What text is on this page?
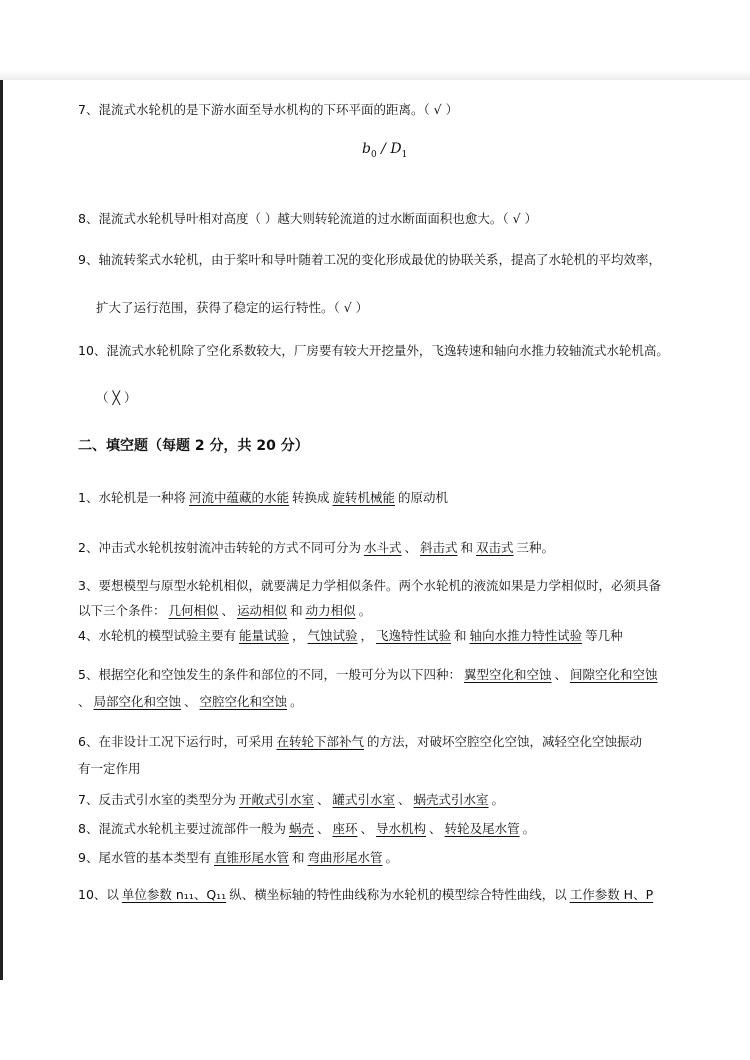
7、混流式水轮机的是下游水面至导水机构的下环平面的距离。（ √ ）
$b_0 / D_1$
8、混流式水轮机导叶相对高度（ ）越大则转轮流道的过水断面面积也愈大。（ √ ）
9、轴流转桨式水轮机，由于桨叶和导叶随着工况的变化形成最优的协联关系，提高了水轮机的平均效率，
扩大了运行范围，获得了稳定的运行特性。（ √ ）
10、混流式水轮机除了空化系数较大，厂房要有较大开挖量外，飞逸转速和轴向水推力较轴流式水轮机高。
（ ╳ ）
二、填空题（每题 2 分，共 20 分）
1、水轮机是一种将 河流中蕴藏的水能 转换成 旋转机械能 的原动机
2、冲击式水轮机按射流冲击转轮的方式不同可分为 水斗式 、 斜击式 和 双击式 三种。
3、要想模型与原型水轮机相似，就要满足力学相似条件。两个水轮机的液流如果是力学相似时，必须具备
以下三个条件： 几何相似 、 运动相似 和 动力相似 。
4、水轮机的模型试验主要有 能量试验 ， 气蚀试验 ， 飞逸特性试验 和 轴向水推力特性试验 等几种
5、根据空化和空蚀发生的条件和部位的不同，一般可分为以下四种： 翼型空化和空蚀 、 间隙空化和空蚀
、 局部空化和空蚀 、 空腔空化和空蚀 。
6、在非设计工况下运行时，可采用 在转轮下部补气 的方法，对破坏空腔空化空蚀，减轻空化空蚀振动
有一定作用
7、反击式引水室的类型分为 开敞式引水室 、 罐式引水室 、 蜗壳式引水室 。
8、混流式水轮机主要过流部件一般为 蜗壳 、 座环 、 导水机构 、 转轮及尾水管 。
9、尾水管的基本类型有 直锥形尾水管 和 弯曲形尾水管 。
10、以 单位参数 n₁₁、Q₁₁ 纵、横坐标轴的特性曲线称为水轮机的模型综合特性曲线，以 工作参数 H、P
